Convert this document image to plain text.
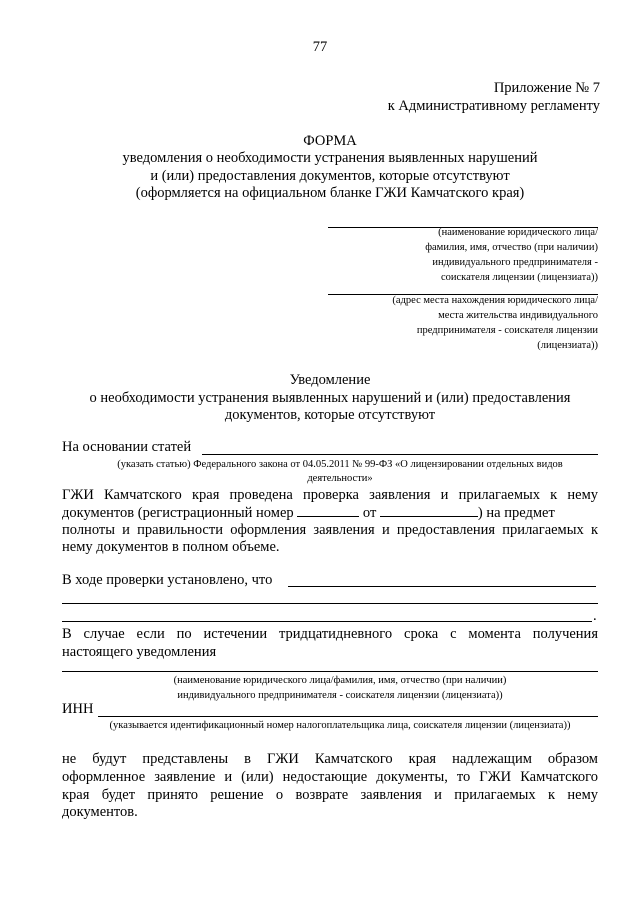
77
Приложение № 7
к Административному регламенту
ФОРМА
уведомления о необходимости устранения выявленных нарушений
и (или) предоставления документов, которые отсутствуют
(оформляется на официальном бланке ГЖИ Камчатского края)
(наименование юридического лица/
фамилия, имя, отчество (при наличии)
индивидуального предпринимателя -
соискателя лицензии (лицензиата))
(адрес места нахождения юридического лица/
места жительства индивидуального
предпринимателя - соискателя лицензии
(лицензиата))
Уведомление
о необходимости устранения выявленных нарушений и (или) предоставления
документов, которые отсутствуют
На основании статей
(указать статью) Федерального закона от 04.05.2011 № 99-ФЗ «О лицензировании отдельных видов
деятельности»
ГЖИ Камчатского края проведена проверка заявления и прилагаемых к нему
документов (регистрационный номер	от	) на предмет
полноты и правильности оформления заявления и предоставления прилагаемых к
нему документов в полном объеме.
В ходе проверки установлено, что
.
В случае если по истечении тридцатидневного срока с момента получения
настоящего уведомления
(наименование юридического лица/фамилия, имя, отчество (при наличии)
индивидуального предпринимателя - соискателя лицензии (лицензиата))
ИНН
(указывается идентификационный номер налогоплательщика лица, соискателя лицензии (лицензиата))
не будут представлены в ГЖИ Камчатского края надлежащим образом
оформленное заявление и (или) недостающие документы, то ГЖИ Камчатского
края будет принято решение о возврате заявления и прилагаемых к нему
документов.
